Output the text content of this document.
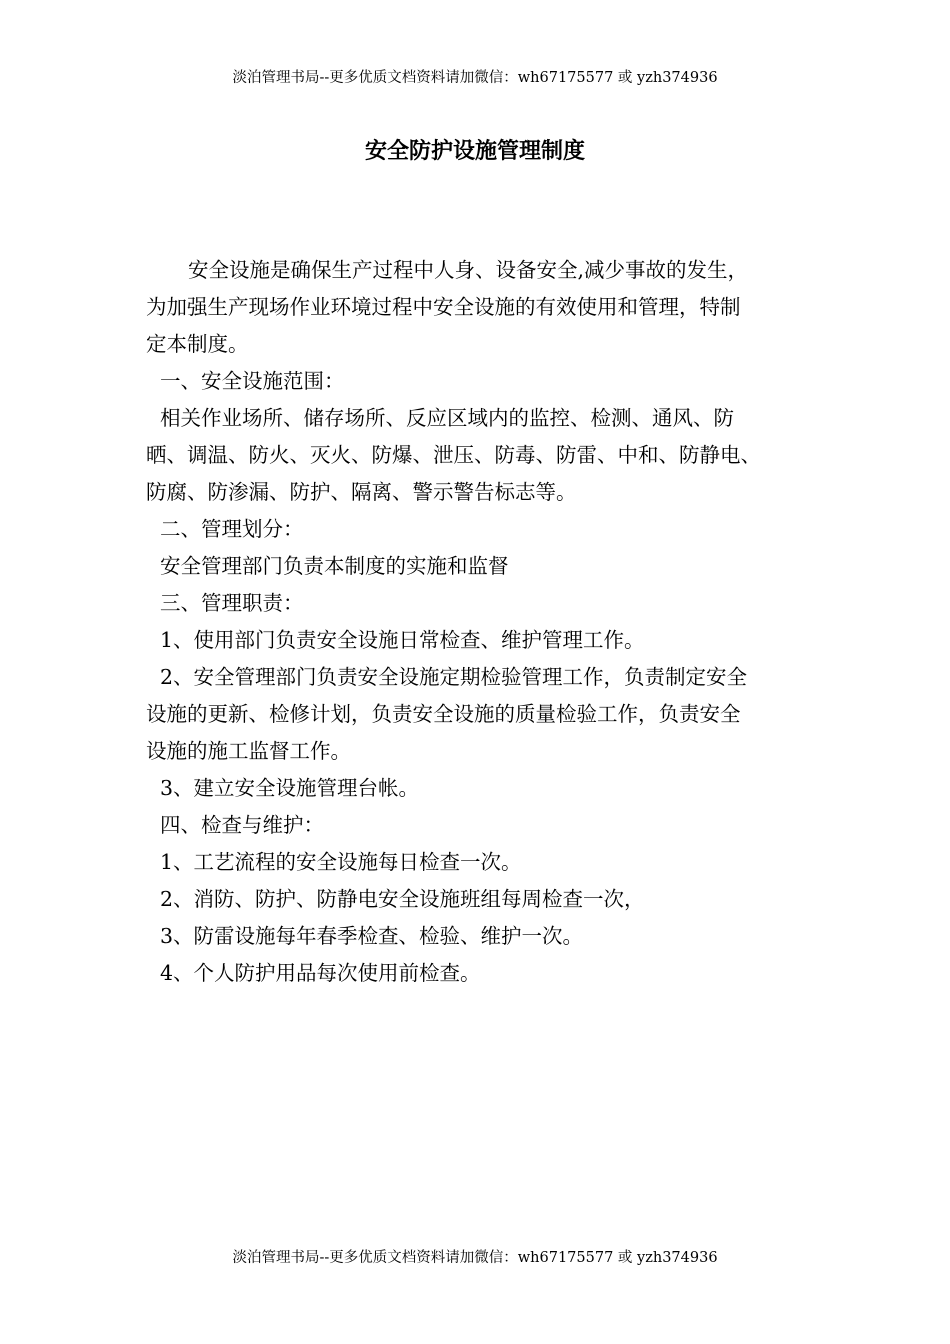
淡泊管理书局--更多优质文档资料请加微信：wh67175577 或 yzh374936
安全防护设施管理制度
安全设施是确保生产过程中人身、设备安全,减少事故的发生，
为加强生产现场作业环境过程中安全设施的有效使用和管理，特制
定本制度。
一、安全设施范围：
相关作业场所、储存场所、反应区域内的监控、检测、通风、防
晒、调温、防火、灭火、防爆、泄压、防毒、防雷、中和、防静电、
防腐、防渗漏、防护、隔离、警示警告标志等。
二、管理划分：
安全管理部门负责本制度的实施和监督
三、管理职责：
1、使用部门负责安全设施日常检查、维护管理工作。
2、安全管理部门负责安全设施定期检验管理工作，负责制定安全
设施的更新、检修计划，负责安全设施的质量检验工作，负责安全
设施的施工监督工作。
3、建立安全设施管理台帐。
四、检查与维护：
1、工艺流程的安全设施每日检查一次。
2、消防、防护、防静电安全设施班组每周检查一次，
3、防雷设施每年春季检查、检验、维护一次。
4、个人防护用品每次使用前检查。
淡泊管理书局--更多优质文档资料请加微信：wh67175577 或 yzh374936
